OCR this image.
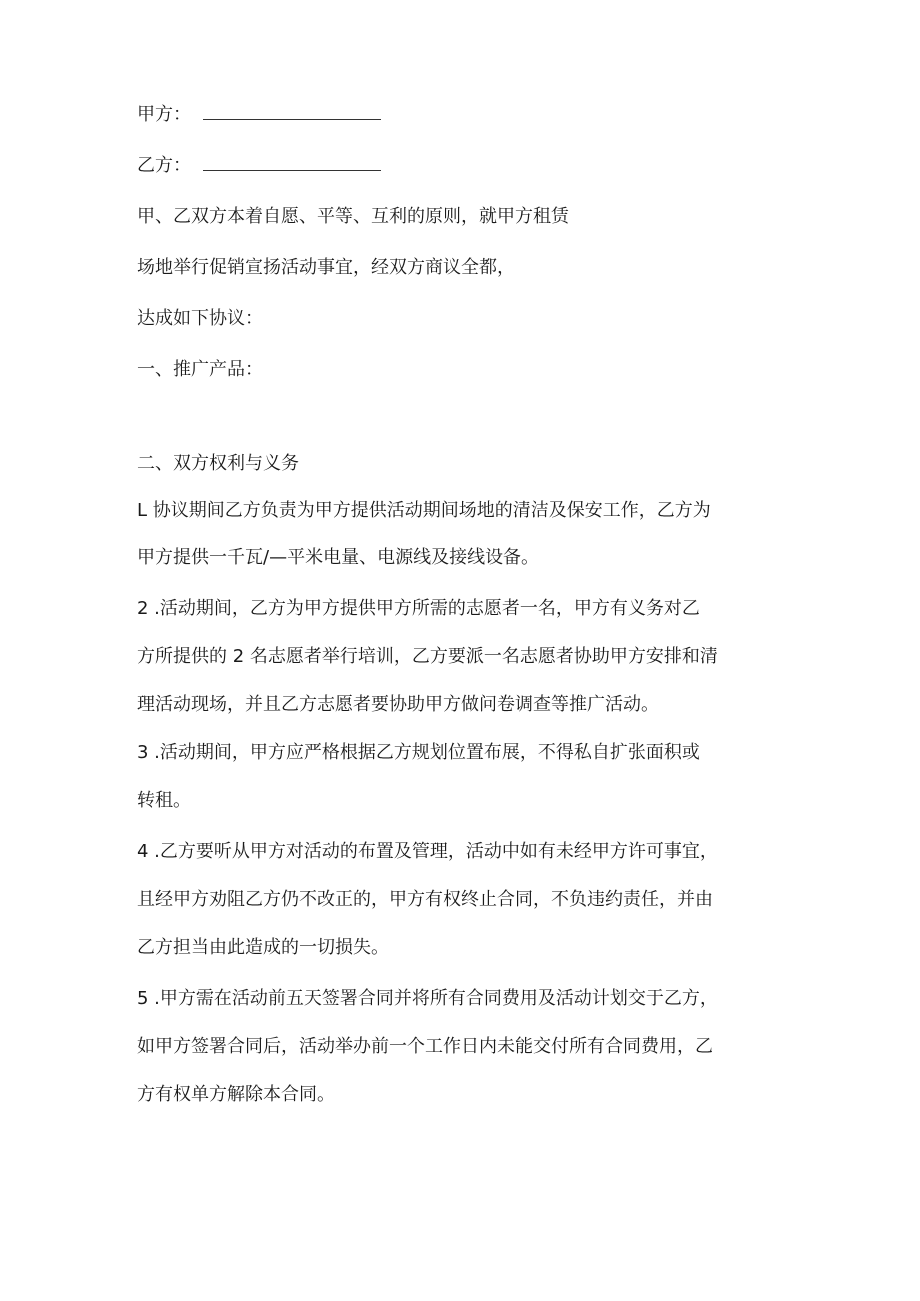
甲方：
乙方：
甲、乙双方本着自愿、平等、互利的原则，就甲方租赁
场地举行促销宣扬活动事宜，经双方商议全都，
达成如下协议：
一、推广产品：
二、双方权利与义务
L 协议期间乙方负责为甲方提供活动期间场地的清洁及保安工作，乙方为
甲方提供一千瓦/—平米电量、电源线及接线设备。
2 .活动期间，乙方为甲方提供甲方所需的志愿者一名，甲方有义务对乙
方所提供的 2 名志愿者举行培训，乙方要派一名志愿者协助甲方安排和清
理活动现场，并且乙方志愿者要协助甲方做问卷调查等推广活动。
3 .活动期间，甲方应严格根据乙方规划位置布展，不得私自扩张面积或
转租。
4 .乙方要听从甲方对活动的布置及管理，活动中如有未经甲方许可事宜，
且经甲方劝阻乙方仍不改正的，甲方有权终止合同，不负违约责任，并由
乙方担当由此造成的一切损失。
5 .甲方需在活动前五天签署合同并将所有合同费用及活动计划交于乙方，
如甲方签署合同后，活动举办前一个工作日内未能交付所有合同费用，乙
方有权单方解除本合同。
